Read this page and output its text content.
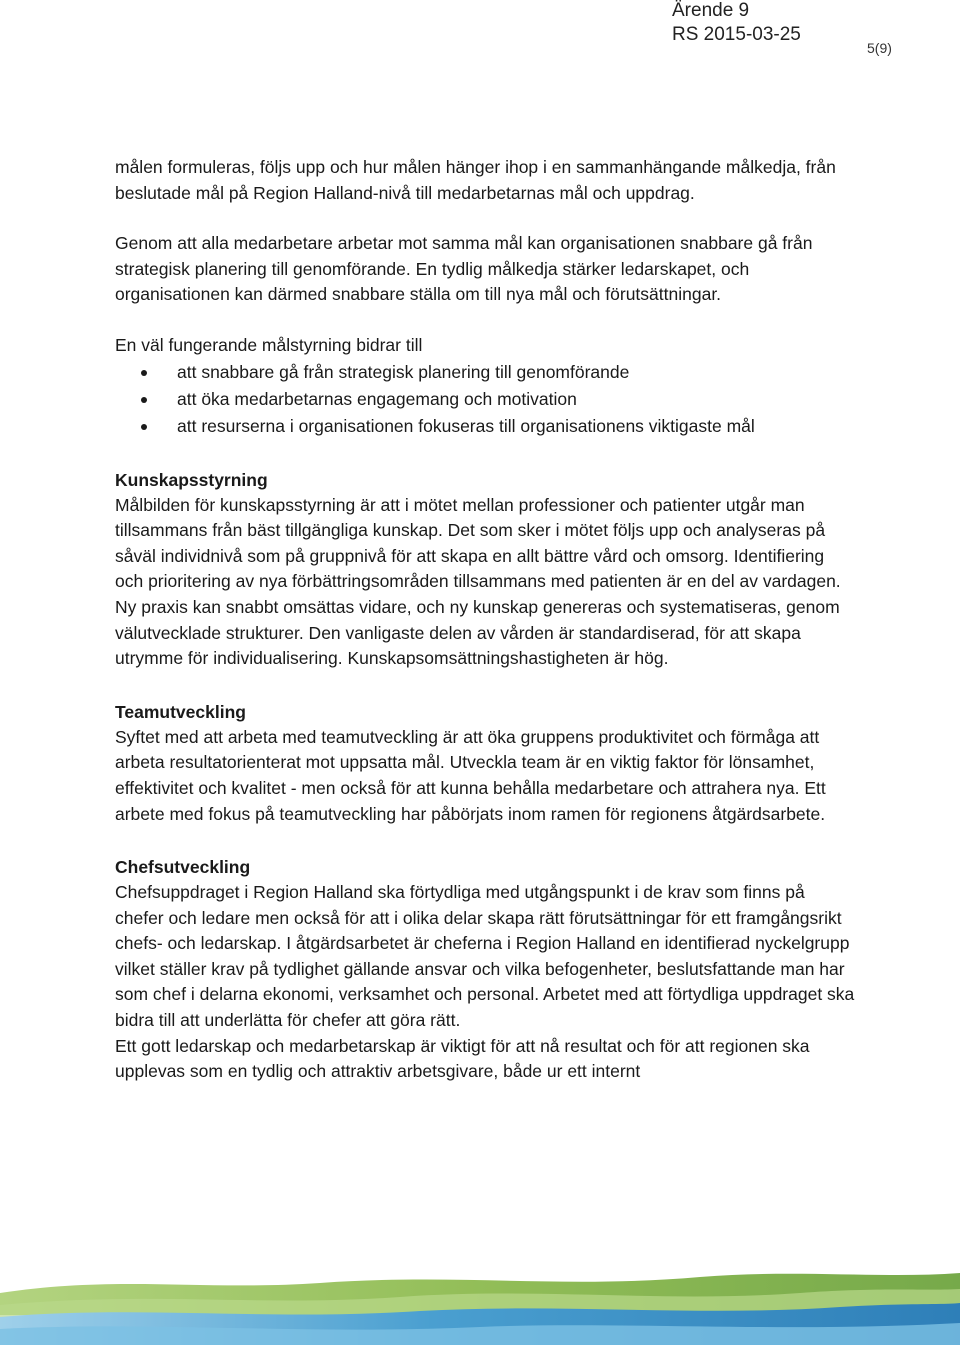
Ärende 9
RS 2015-03-25
5(9)

målen formuleras, följs upp och hur målen hänger ihop i en sammanhängande målkedja, från beslutade mål på Region Halland-nivå till medarbetarnas mål och uppdrag.

Genom att alla medarbetare arbetar mot samma mål kan organisationen snabbare gå från strategisk planering till genomförande. En tydlig målkedja stärker ledarskapet, och organisationen kan därmed snabbare ställa om till nya mål och förutsättningar.

En väl fungerande målstyrning bidrar till

att snabbare gå från strategisk planering till genomförande
att öka medarbetarnas engagemang och motivation
att resurserna i organisationen fokuseras till organisationens viktigaste mål

Kunskapsstyrning

Målbilden för kunskapsstyrning är att i mötet mellan professioner och patienter utgår man tillsammans från bäst tillgängliga kunskap. Det som sker i mötet följs upp och analyseras på såväl individnivå som på gruppnivå för att skapa en allt bättre vård och omsorg. Identifiering och prioritering av nya förbättringsområden tillsammans med patienten är en del av vardagen. Ny praxis kan snabbt omsättas vidare, och ny kunskap genereras och systematiseras, genom välutvecklade strukturer. Den vanligaste delen av vården är standardiserad, för att skapa utrymme för individualisering. Kunskapsomsättningshastigheten är hög.

Teamutveckling

Syftet med att arbeta med teamutveckling är att öka gruppens produktivitet och förmåga att arbeta resultatorienterat mot uppsatta mål. Utveckla team är en viktig faktor för lönsamhet, effektivitet och kvalitet - men också för att kunna behålla medarbetare och attrahera nya. Ett arbete med fokus på teamutveckling har påbörjats inom ramen för regionens åtgärdsarbete.

Chefsutveckling

Chefsuppdraget i Region Halland ska förtydliga med utgångspunkt i de krav som finns på chefer och ledare men också för att i olika delar skapa rätt förutsättningar för ett framgångsrikt chefs- och ledarskap. I åtgärdsarbetet är cheferna i Region Halland en identifierad nyckelgrupp vilket ställer krav på tydlighet gällande ansvar och vilka befogenheter, beslutsfattande man har som chef i delarna ekonomi, verksamhet och personal. Arbetet med att förtydliga uppdraget ska bidra till att underlätta för chefer att göra rätt.

Ett gott ledarskap och medarbetarskap är viktigt för att nå resultat och för att regionen ska upplevas som en tydlig och attraktiv arbetsgivare, både ur ett internt
